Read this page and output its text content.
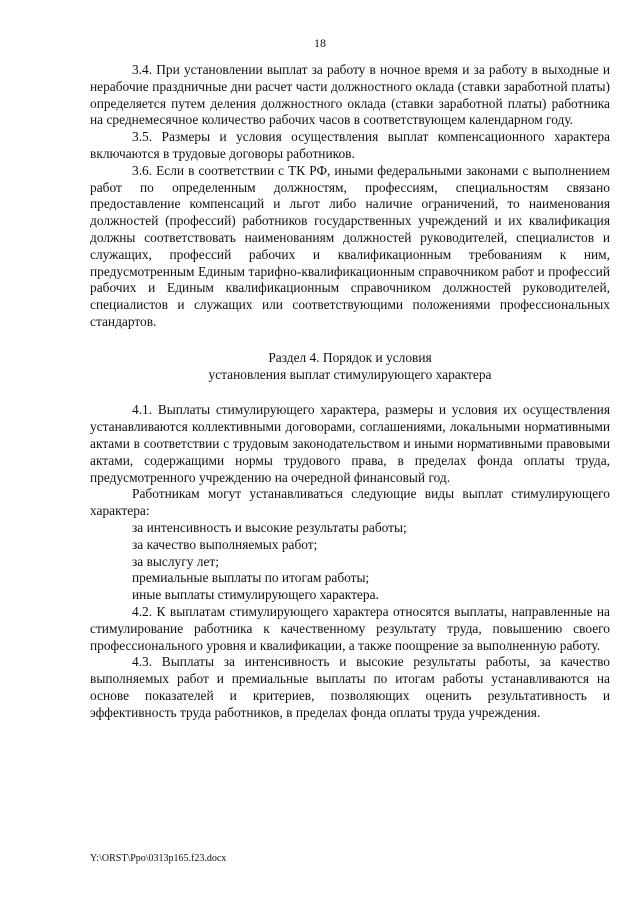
18

3.4. При установлении выплат за работу в ночное время и за работу в выходные и нерабочие праздничные дни расчет части должностного оклада (ставки заработной платы) определяется путем деления должностного оклада (ставки заработной платы) работника на среднемесячное количество рабочих часов в соответствующем календарном году.

3.5. Размеры и условия осуществления выплат компенсационного характера включаются в трудовые договоры работников.

3.6. Если в соответствии с ТК РФ, иными федеральными законами с выполнением работ по определенным должностям, профессиям, специальностям связано предоставление компенсаций и льгот либо наличие ограничений, то наименования должностей (профессий) работников государственных учреждений и их квалификация должны соответствовать наименованиям должностей руководителей, специалистов и служащих, профессий рабочих и квалификационным требованиям к ним, предусмотренным Единым тарифно-квалификационным справочником работ и профессий рабочих и Единым квалификационным справочником должностей руководителей, специалистов и служащих или соответствующими положениями профессиональных стандартов.

Раздел 4. Порядок и условия
установления выплат стимулирующего характера

4.1. Выплаты стимулирующего характера, размеры и условия их осуществления устанавливаются коллективными договорами, соглашениями, локальными нормативными актами в соответствии с трудовым законодательством и иными нормативными правовыми актами, содержащими нормы трудового права, в пределах фонда оплаты труда, предусмотренного учреждению на очередной финансовый год.

Работникам могут устанавливаться следующие виды выплат стимулирующего характера:

за интенсивность и высокие результаты работы;

за качество выполняемых работ;

за выслугу лет;

премиальные выплаты по итогам работы;

иные выплаты стимулирующего характера.

4.2. К выплатам стимулирующего характера относятся выплаты, направленные на стимулирование работника к качественному результату труда, повышению своего профессионального уровня и квалификации, а также поощрение за выполненную работу.

4.3. Выплаты за интенсивность и высокие результаты работы, за качество выполняемых работ и премиальные выплаты по итогам работы устанавливаются на основе показателей и критериев, позволяющих оценить результативность и эффективность труда работников, в пределах фонда оплаты труда учреждения.

Y:\ORST\Ppo\0313p165.f23.docx
